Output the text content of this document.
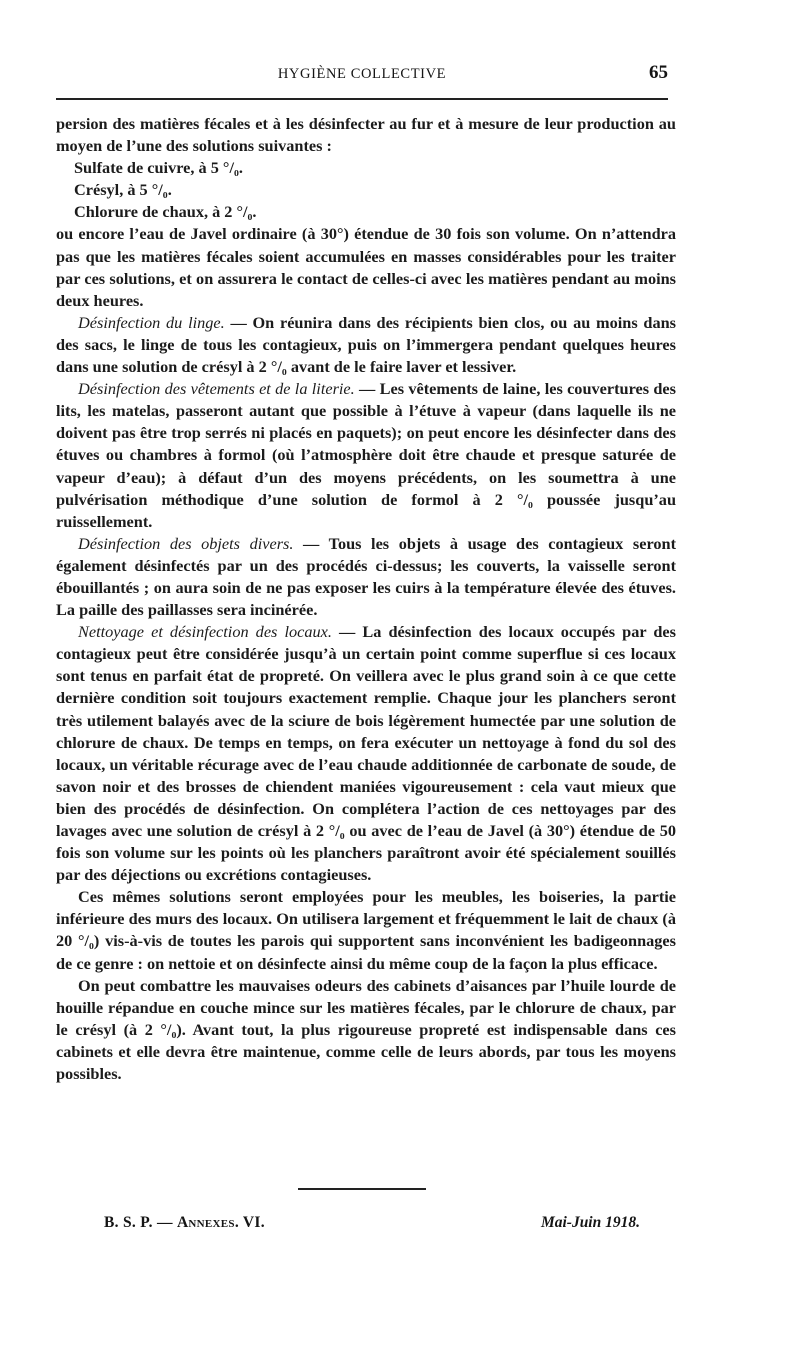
HYGIÈNE COLLECTIVE	65

persion des matières fécales et à les désinfecter au fur et à mesure de leur production au moyen de l’une des solutions suivantes :

Sulfate de cuivre, à 5 °/₀.
Crésyl, à 5 °/₀.
Chlorure de chaux, à 2 °/₀.

ou encore l’eau de Javel ordinaire (à 30°) étendue de 30 fois son volume. On n’attendra pas que les matières fécales soient accumulées en masses considérables pour les traiter par ces solutions, et on assurera le contact de celles-ci avec les matières pendant au moins deux heures.

Désinfection du linge. — On réunira dans des récipients bien clos, ou au moins dans des sacs, le linge de tous les contagieux, puis on l’immergera pendant quelques heures dans une solution de crésyl à 2 °/₀ avant de le faire laver et lessiver.

Désinfection des vêtements et de la literie. — Les vêtements de laine, les couvertures des lits, les matelas, passeront autant que possible à l’étuve à vapeur (dans laquelle ils ne doivent pas être trop serrés ni placés en paquets); on peut encore les désinfecter dans des étuves ou chambres à formol (où l’atmosphère doit être chaude et presque saturée de vapeur d’eau); à défaut d’un des moyens précédents, on les soumettra à une pulvérisation méthodique d’une solution de formol à 2 °/₀ poussée jusqu’au ruissellement.

Désinfection des objets divers. — Tous les objets à usage des contagieux seront également désinfectés par un des procédés ci-dessus; les couverts, la vaisselle seront ébouillantés ; on aura soin de ne pas exposer les cuirs à la température élevée des étuves. La paille des paillasses sera incinérée.

Nettoyage et désinfection des locaux. — La désinfection des locaux occupés par des contagieux peut être considérée jusqu’à un certain point comme superflue si ces locaux sont tenus en parfait état de propreté. On veillera avec le plus grand soin à ce que cette dernière condition soit toujours exactement remplie. Chaque jour les planchers seront très utilement balayés avec de la sciure de bois légèrement humectée par une solution de chlorure de chaux. De temps en temps, on fera exécuter un nettoyage à fond du sol des locaux, un véritable récurage avec de l’eau chaude additionnée de carbonate de soude, de savon noir et des brosses de chiendent maniées vigoureusement : cela vaut mieux que bien des procédés de désinfection. On complétera l’action de ces nettoyages par des lavages avec une solution de crésyl à 2 °/₀ ou avec de l’eau de Javel (à 30°) étendue de 50 fois son volume sur les points où les planchers paraîtront avoir été spécialement souillés par des déjections ou excrétions contagieuses.

Ces mêmes solutions seront employées pour les meubles, les boiseries, la partie inférieure des murs des locaux. On utilisera largement et fréquemment le lait de chaux (à 20 °/₀) vis-à-vis de toutes les parois qui supportent sans inconvénient les badigeonnages de ce genre : on nettoie et on désinfecte ainsi du même coup de la façon la plus efficace.

On peut combattre les mauvaises odeurs des cabinets d’aisances par l’huile lourde de houille répandue en couche mince sur les matières fécales, par le chlorure de chaux, par le crésyl (à 2 °/₀). Avant tout, la plus rigoureuse propreté est indispensable dans ces cabinets et elle devra être maintenue, comme celle de leurs abords, par tous les moyens possibles.

B. S. P. — Annexes. VI.	Mai-Juin 1918.
